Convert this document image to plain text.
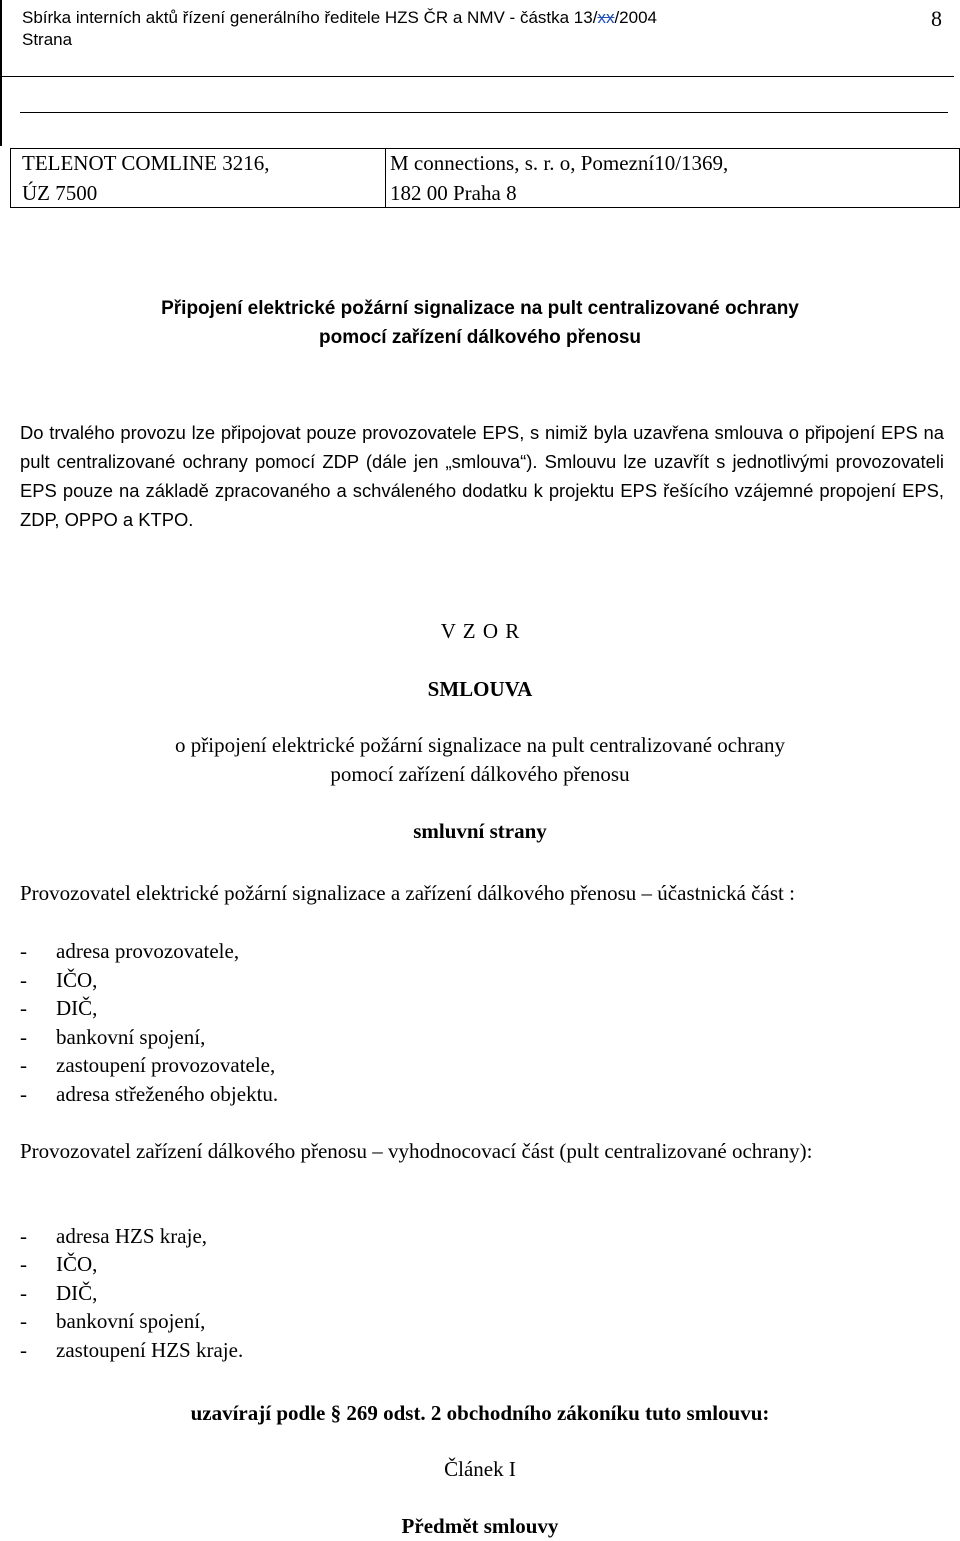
Sbírka interních aktů řízení generálního ředitele HZS ČR a NMV - částka 13/xx/2004
Strana
8
TELENOT COMLINE 3216,
ÚZ 7500
M connections, s. r. o, Pomezní10/1369,
182 00 Praha 8
Připojení elektrické požární signalizace na pult centralizované ochrany
pomocí zařízení dálkového přenosu
Do trvalého provozu lze připojovat pouze provozovatele EPS, s nimiž byla uzavřena smlouva o připojení EPS na pult centralizované ochrany pomocí ZDP (dále jen „smlouva“). Smlouvu lze uzavřít s jednotlivými provozovateli EPS pouze na základě zpracovaného a schváleného dodatku k projektu EPS řešícího vzájemné propojení EPS, ZDP, OPPO a KTPO.
V Z O R
SMLOUVA
o připojení elektrické požární signalizace na pult centralizované ochrany
pomocí zařízení dálkového přenosu
smluvní strany
Provozovatel elektrické požární signalizace a zařízení dálkového přenosu – účastnická část :
- adresa provozovatele,
- IČO,
- DIČ,
- bankovní spojení,
- zastoupení provozovatele,
- adresa střeženého objektu.
Provozovatel zařízení dálkového přenosu – vyhodnocovací část (pult centralizované ochrany):
- adresa HZS kraje,
- IČO,
- DIČ,
- bankovní spojení,
- zastoupení HZS kraje.
uzavírají podle § 269 odst. 2 obchodního zákoníku tuto smlouvu:
Článek I
Předmět smlouvy
